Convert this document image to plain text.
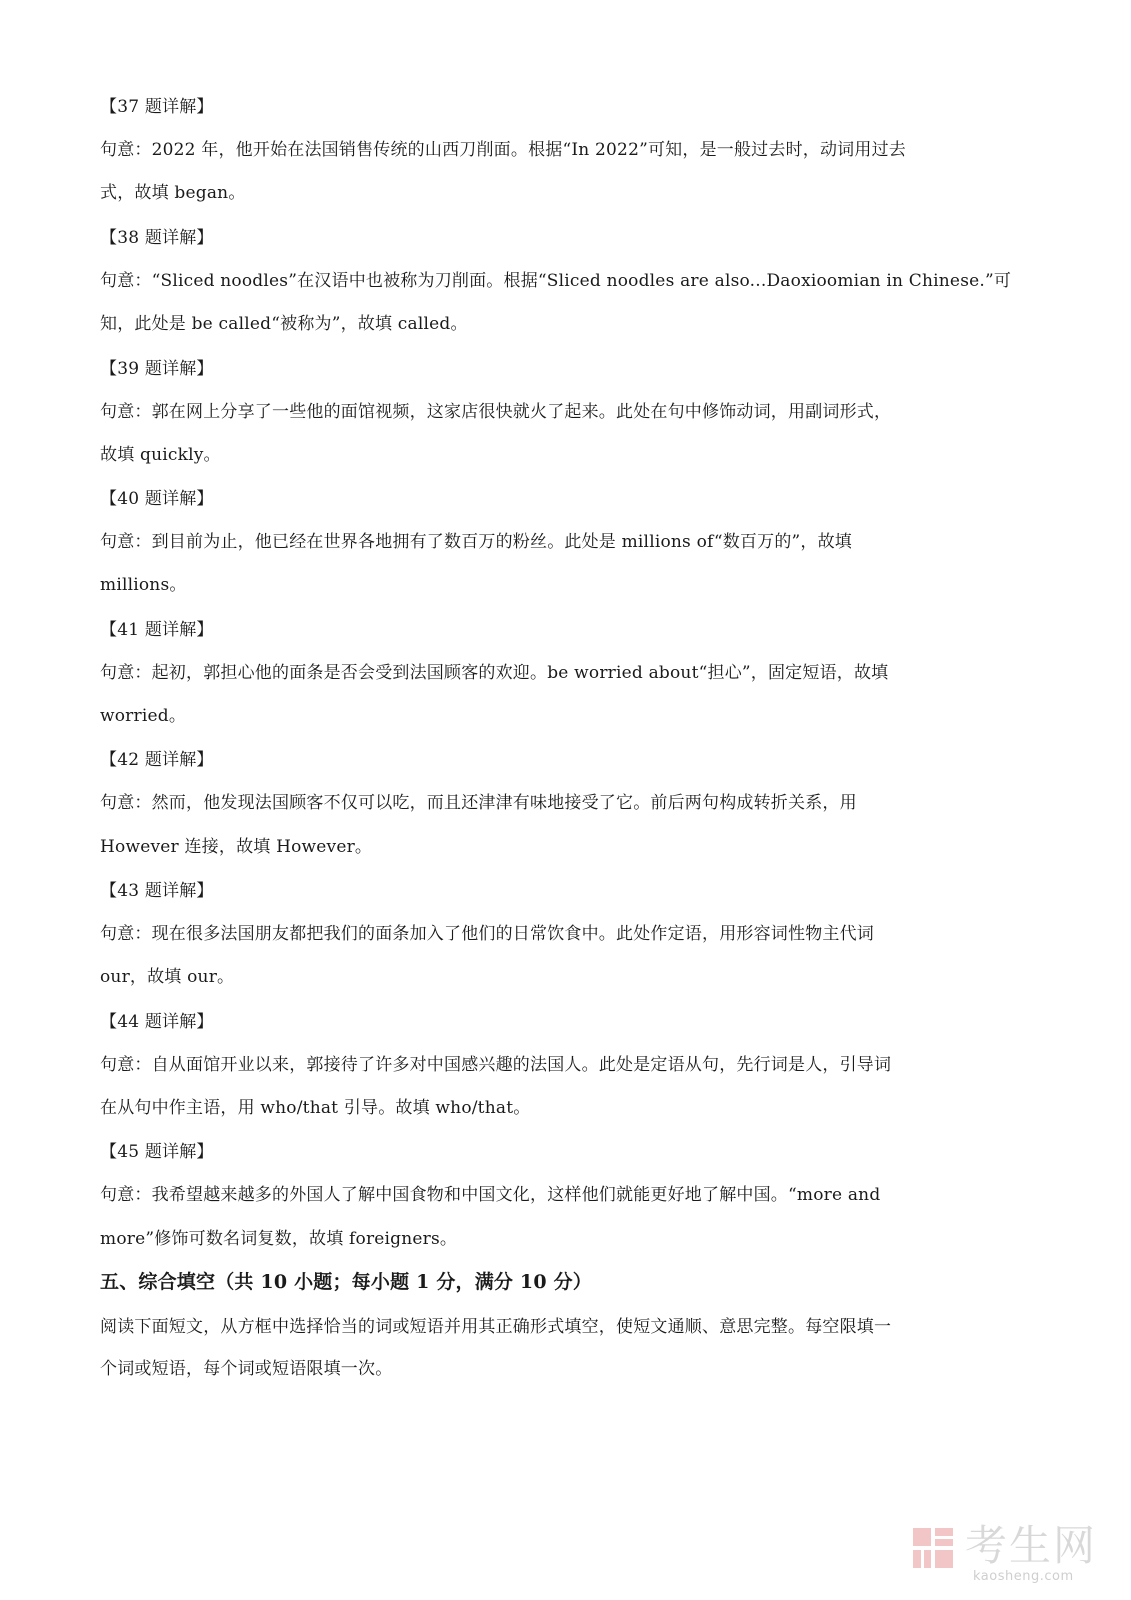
【37 题详解】
句意：2022 年，他开始在法国销售传统的山西刀削面。根据“In 2022”可知，是一般过去时，动词用过去
式，故填 began。
【38 题详解】
句意：“Sliced noodles”在汉语中也被称为刀削面。根据“Sliced noodles are also...Daoxioomian in Chinese.”可
知，此处是 be called“被称为”，故填 called。
【39 题详解】
句意：郭在网上分享了一些他的面馆视频，这家店很快就火了起来。此处在句中修饰动词，用副词形式，
故填 quickly。
【40 题详解】
句意：到目前为止，他已经在世界各地拥有了数百万的粉丝。此处是 millions of“数百万的”，故填
millions。
【41 题详解】
句意：起初，郭担心他的面条是否会受到法国顾客的欢迎。be worried about“担心”，固定短语，故填
worried。
【42 题详解】
句意：然而，他发现法国顾客不仅可以吃，而且还津津有味地接受了它。前后两句构成转折关系，用
However 连接，故填 However。
【43 题详解】
句意：现在很多法国朋友都把我们的面条加入了他们的日常饮食中。此处作定语，用形容词性物主代词
our，故填 our。
【44 题详解】
句意：自从面馆开业以来，郭接待了许多对中国感兴趣的法国人。此处是定语从句，先行词是人，引导词
在从句中作主语，用 who/that 引导。故填 who/that。
【45 题详解】
句意：我希望越来越多的外国人了解中国食物和中国文化，这样他们就能更好地了解中国。“more and
more”修饰可数名词复数，故填 foreigners。
五、综合填空（共 10 小题；每小题 1 分，满分 10 分）
阅读下面短文，从方框中选择恰当的词或短语并用其正确形式填空，使短文通顺、意思完整。每空限填一
个词或短语，每个词或短语限填一次。
考生网
kaosheng.com
